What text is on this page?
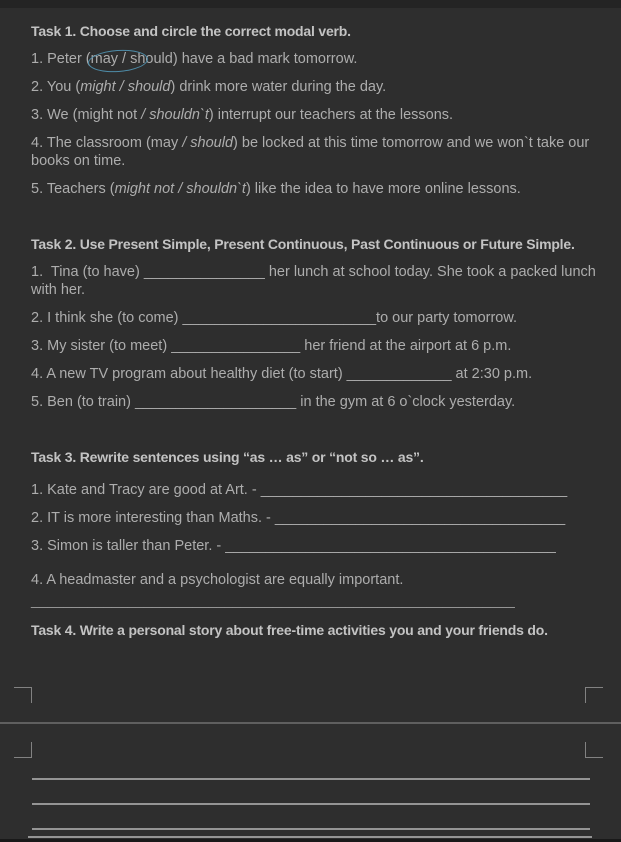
Task 1. Choose and circle the correct modal verb.

1. Peter (may / should) have a bad mark tomorrow.

2. You (might / should) drink more water during the day.

3. We (might not / shouldn`t) interrupt our teachers at the lessons.

4. The classroom (may / should) be locked at this time tomorrow and we won`t take our books on time.

5. Teachers (might not / shouldn`t) like the idea to have more online lessons.

Task 2. Use Present Simple, Present Continuous, Past Continuous or Future Simple.

1.  Tina (to have) _______________ her lunch at school today. She took a packed lunch with her.

2. I think she (to come) ________________________to our party tomorrow.

3. My sister (to meet) ________________ her friend at the airport at 6 p.m.

4. A new TV program about healthy diet (to start) _____________ at 2:30 p.m.

5. Ben (to train) ____________________ in the gym at 6 o`clock yesterday.

Task 3. Rewrite sentences using “as … as” or “not so … as”.

1. Kate and Tracy are good at Art. - ______________________________________

2. IT is more interesting than Maths. - ____________________________________

3. Simon is taller than Peter. - _________________________________________

4. A headmaster and a psychologist are equally important.

____________________________________________________________

Task 4. Write a personal story about free-time activities you and your friends do.
